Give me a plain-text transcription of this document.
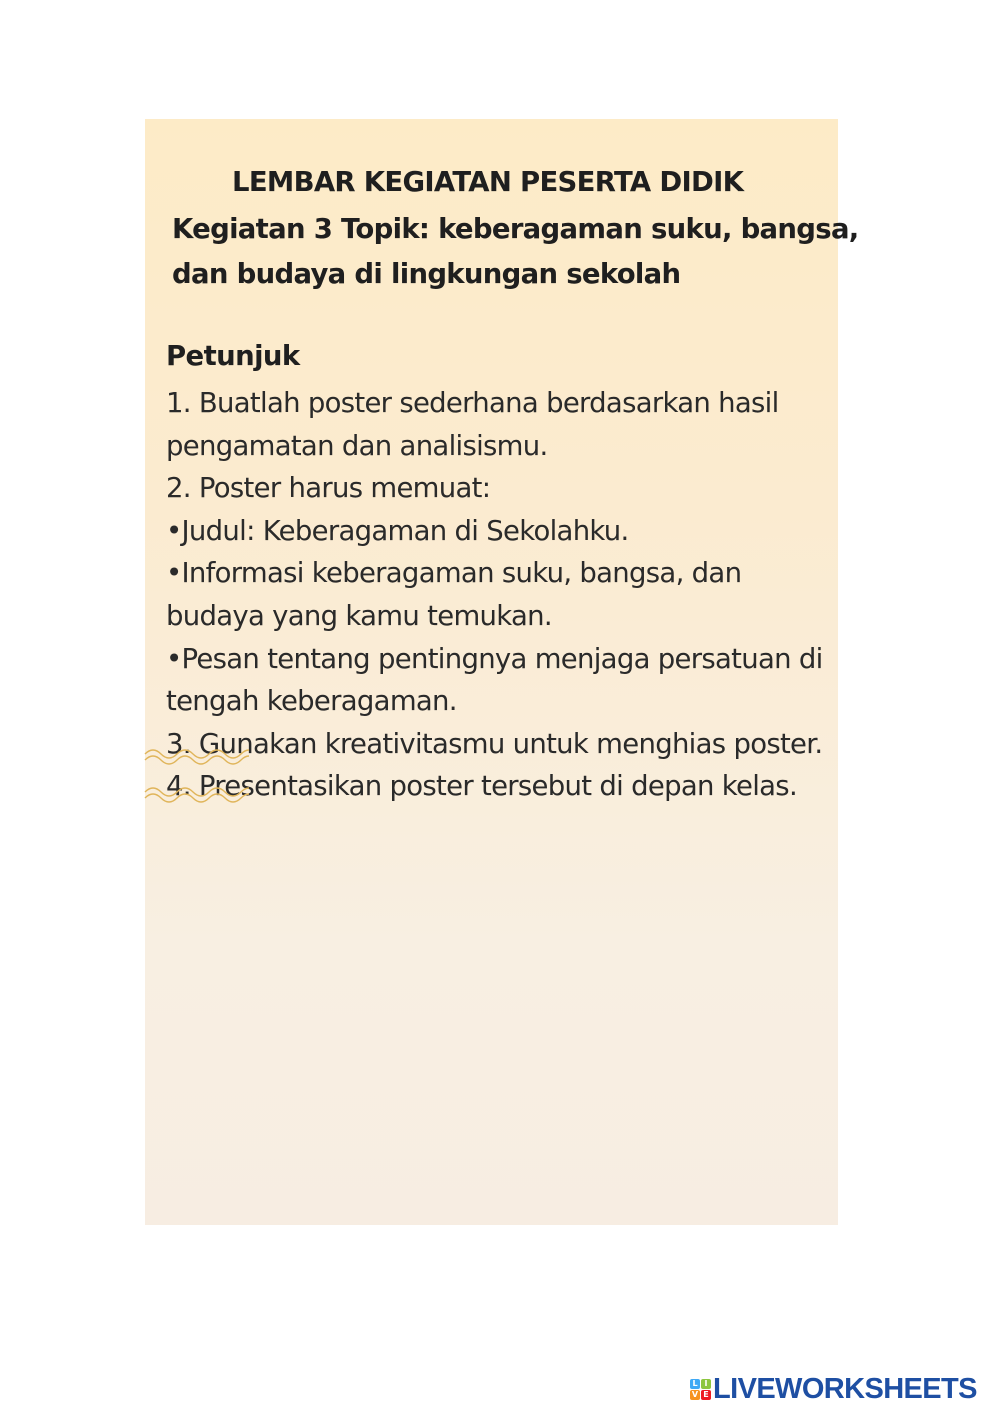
LEMBAR KEGIATAN PESERTA DIDIK
Kegiatan 3 Topik: keberagaman suku, bangsa,
dan budaya di lingkungan sekolah
Petunjuk
1. Buatlah poster sederhana berdasarkan hasil
pengamatan dan analisismu.
2. Poster harus memuat:
•Judul: Keberagaman di Sekolahku.
•Informasi keberagaman suku, bangsa, dan
budaya yang kamu temukan.
•Pesan tentang pentingnya menjaga persatuan di
tengah keberagaman.
3. Gunakan kreativitasmu untuk menghias poster.
4. Presentasikan poster tersebut di depan kelas.
L I
V E LIVEWORKSHEETS
